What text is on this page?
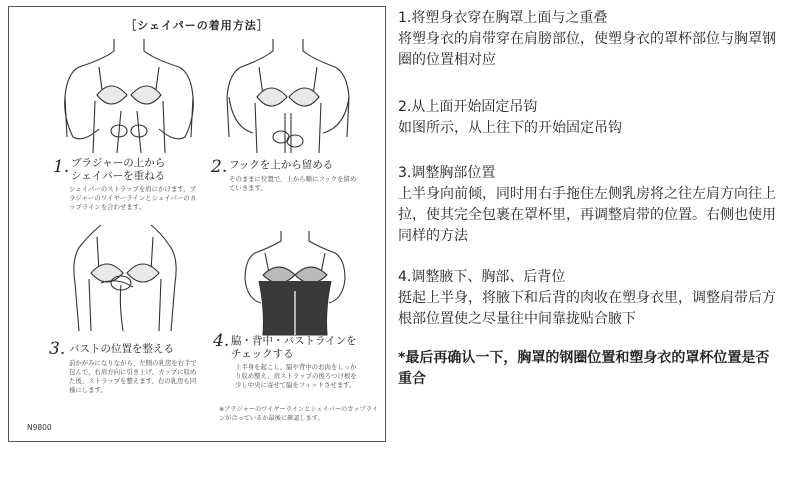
［シェイパーの着用方法］
1. ブラジャーの上から
シェイパーを重ねる
シェイパーのストラップを肩にかけます。ブラジャーのワイヤーラインとシェイパーのカップラインを合わせます。
2. フックを上から留める
そのままに位置で、上から順にフックを留めていきます。
3. バストの位置を整える
前かがみになりながら、左側の乳房を右手で包んで、右肩方向に引き上げ、カップに収めた後、ストラップを整えます。右の乳房も同様にします。
4. 脇・背中・バストラインを
チェックする
上半身を起こし、脇や背中のお肉をしっかり収め整え、肩ストラップの後ろつけ根を少し中央に寄せて脇をフィットさせます。
※ブラジャーのワイヤーラインとシェイパーのカップラインが合っているか最後に確認します。
N9800

1.将塑身衣穿在胸罩上面与之重叠

将塑身衣的肩带穿在肩膀部位，使塑身衣的罩杯部位与胸罩钢圈的位置相对应

2.从上面开始固定吊钩

如图所示，从上往下的开始固定吊钩

3.调整胸部位置

上半身向前倾，同时用右手拖住左侧乳房将之往左肩方向往上拉，使其完全包裹在罩杯里，再调整肩带的位置。右侧也使用同样的方法

4.调整腋下、胸部、后背位

挺起上半身，将腋下和后背的肉收在塑身衣里，调整肩带后方根部位置使之尽量往中间靠拢贴合腋下

*最后再确认一下，胸罩的钢圈位置和塑身衣的罩杯位置是否重合
